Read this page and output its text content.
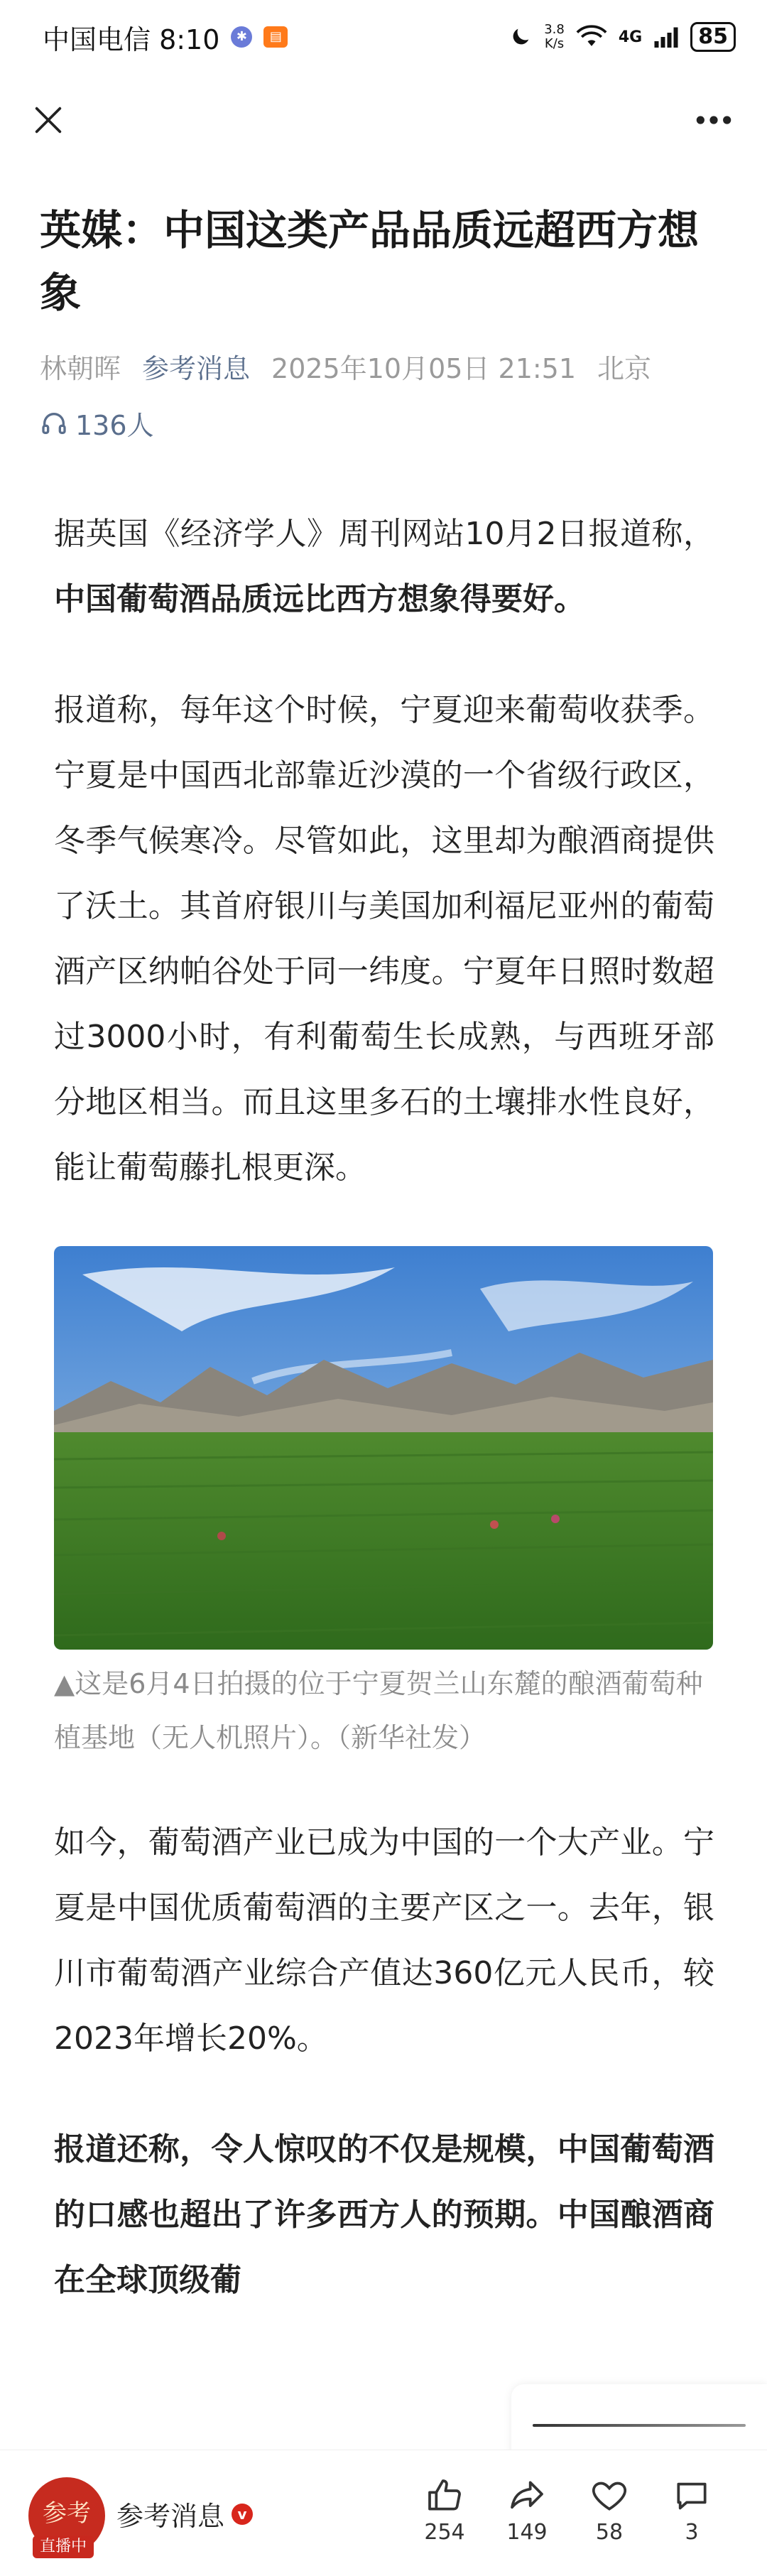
中国电信 8:10	✱	▤	3.8
K/s	4G	85
英媒：中国这类产品品质远超西方想象
林朝晖 参考消息 2025年10月05日 21:51 北京
136人

据英国《经济学人》周刊网站10月2日报道称，中国葡萄酒品质远比西方想象得要好。

报道称，每年这个时候，宁夏迎来葡萄收获季。宁夏是中国西北部靠近沙漠的一个省级行政区，冬季气候寒冷。尽管如此，这里却为酿酒商提供了沃土。其首府银川与美国加利福尼亚州的葡萄酒产区纳帕谷处于同一纬度。宁夏年日照时数超过3000小时，有利葡萄生长成熟，与西班牙部分地区相当。而且这里多石的土壤排水性良好，能让葡萄藤扎根更深。

▲这是6月4日拍摄的位于宁夏贺兰山东麓的酿酒葡萄种植基地（无人机照片）。（新华社发）

如今，葡萄酒产业已成为中国的一个大产业。宁夏是中国优质葡萄酒的主要产区之一。去年，银川市葡萄酒产业综合产值达360亿元人民币，较2023年增长20%。

报道还称，令人惊叹的不仅是规模，中国葡萄酒的口感也超出了许多西方人的预期。中国酿酒商在全球顶级葡

参考
直播中
参考消息 v
254	149	58	3
